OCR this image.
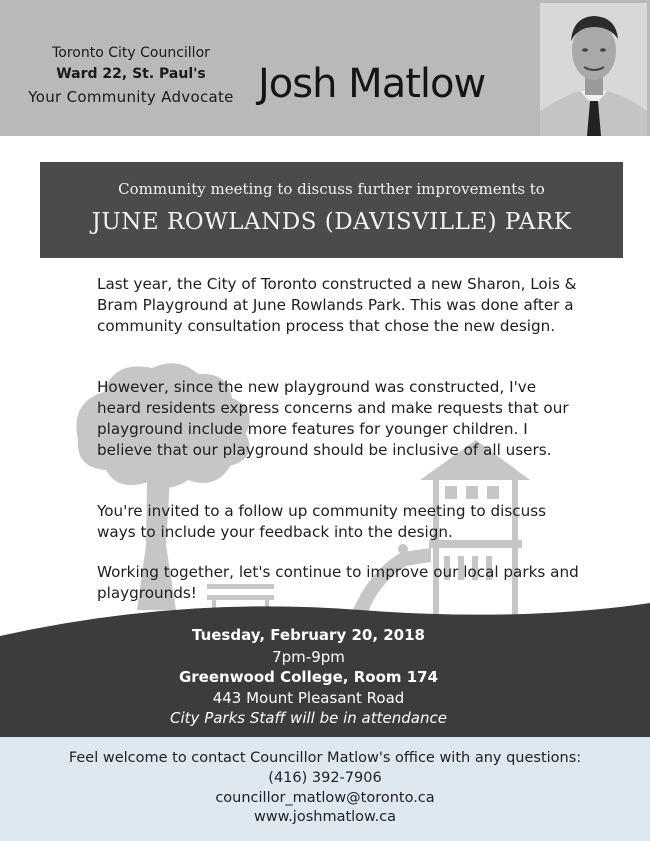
Toronto City Councillor
Ward 22, St. Paul's
Your Community Advocate Josh Matlow
Community meeting to discuss further improvements to
JUNE ROWLANDS (DAVISVILLE) PARK

Last year, the City of Toronto constructed a new Sharon, Lois & Bram Playground at June Rowlands Park. This was done after a community consultation process that chose the new design.

However, since the new playground was constructed, I've heard residents express concerns and make requests that our playground include more features for younger children. I believe that our playground should be inclusive of all users.

You're invited to a follow up community meeting to discuss ways to include your feedback into the design.

Working together, let's continue to improve our local parks and playgrounds!

Tuesday, February 20, 2018
7pm-9pm
Greenwood College, Room 174
443 Mount Pleasant Road
City Parks Staff will be in attendance
Feel welcome to contact Councillor Matlow's office with any questions:
(416) 392-7906
councillor_matlow@toronto.ca
www.joshmatlow.ca
